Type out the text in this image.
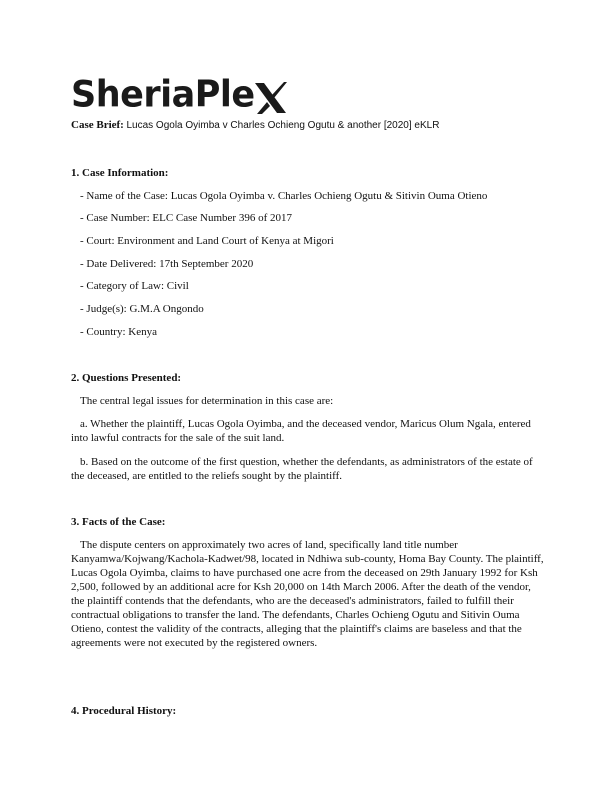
SheriaPle
Case Brief: Lucas Ogola Oyimba v Charles Ochieng Ogutu & another [2020] eKLR
1. Case Information:
- Name of the Case: Lucas Ogola Oyimba v. Charles Ochieng Ogutu & Sitivin Ouma Otieno
- Case Number: ELC Case Number 396 of 2017
- Court: Environment and Land Court of Kenya at Migori
- Date Delivered: 17th September 2020
- Category of Law: Civil
- Judge(s): G.M.A Ongondo
- Country: Kenya
2. Questions Presented:
The central legal issues for determination in this case are:
a. Whether the plaintiff, Lucas Ogola Oyimba, and the deceased vendor, Maricus Olum Ngala, entered into lawful contracts for the sale of the suit land.
b. Based on the outcome of the first question, whether the defendants, as administrators of the estate of the deceased, are entitled to the reliefs sought by the plaintiff.
3. Facts of the Case:
The dispute centers on approximately two acres of land, specifically land title number Kanyamwa/Kojwang/Kachola-Kadwet/98, located in Ndhiwa sub-county, Homa Bay County. The plaintiff, Lucas Ogola Oyimba, claims to have purchased one acre from the deceased on 29th January 1992 for Ksh 2,500, followed by an additional acre for Ksh 20,000 on 14th March 2006. After the death of the vendor, the plaintiff contends that the defendants, who are the deceased's administrators, failed to fulfill their contractual obligations to transfer the land. The defendants, Charles Ochieng Ogutu and Sitivin Ouma Otieno, contest the validity of the contracts, alleging that the plaintiff's claims are baseless and that the agreements were not executed by the registered owners.
4. Procedural History:
